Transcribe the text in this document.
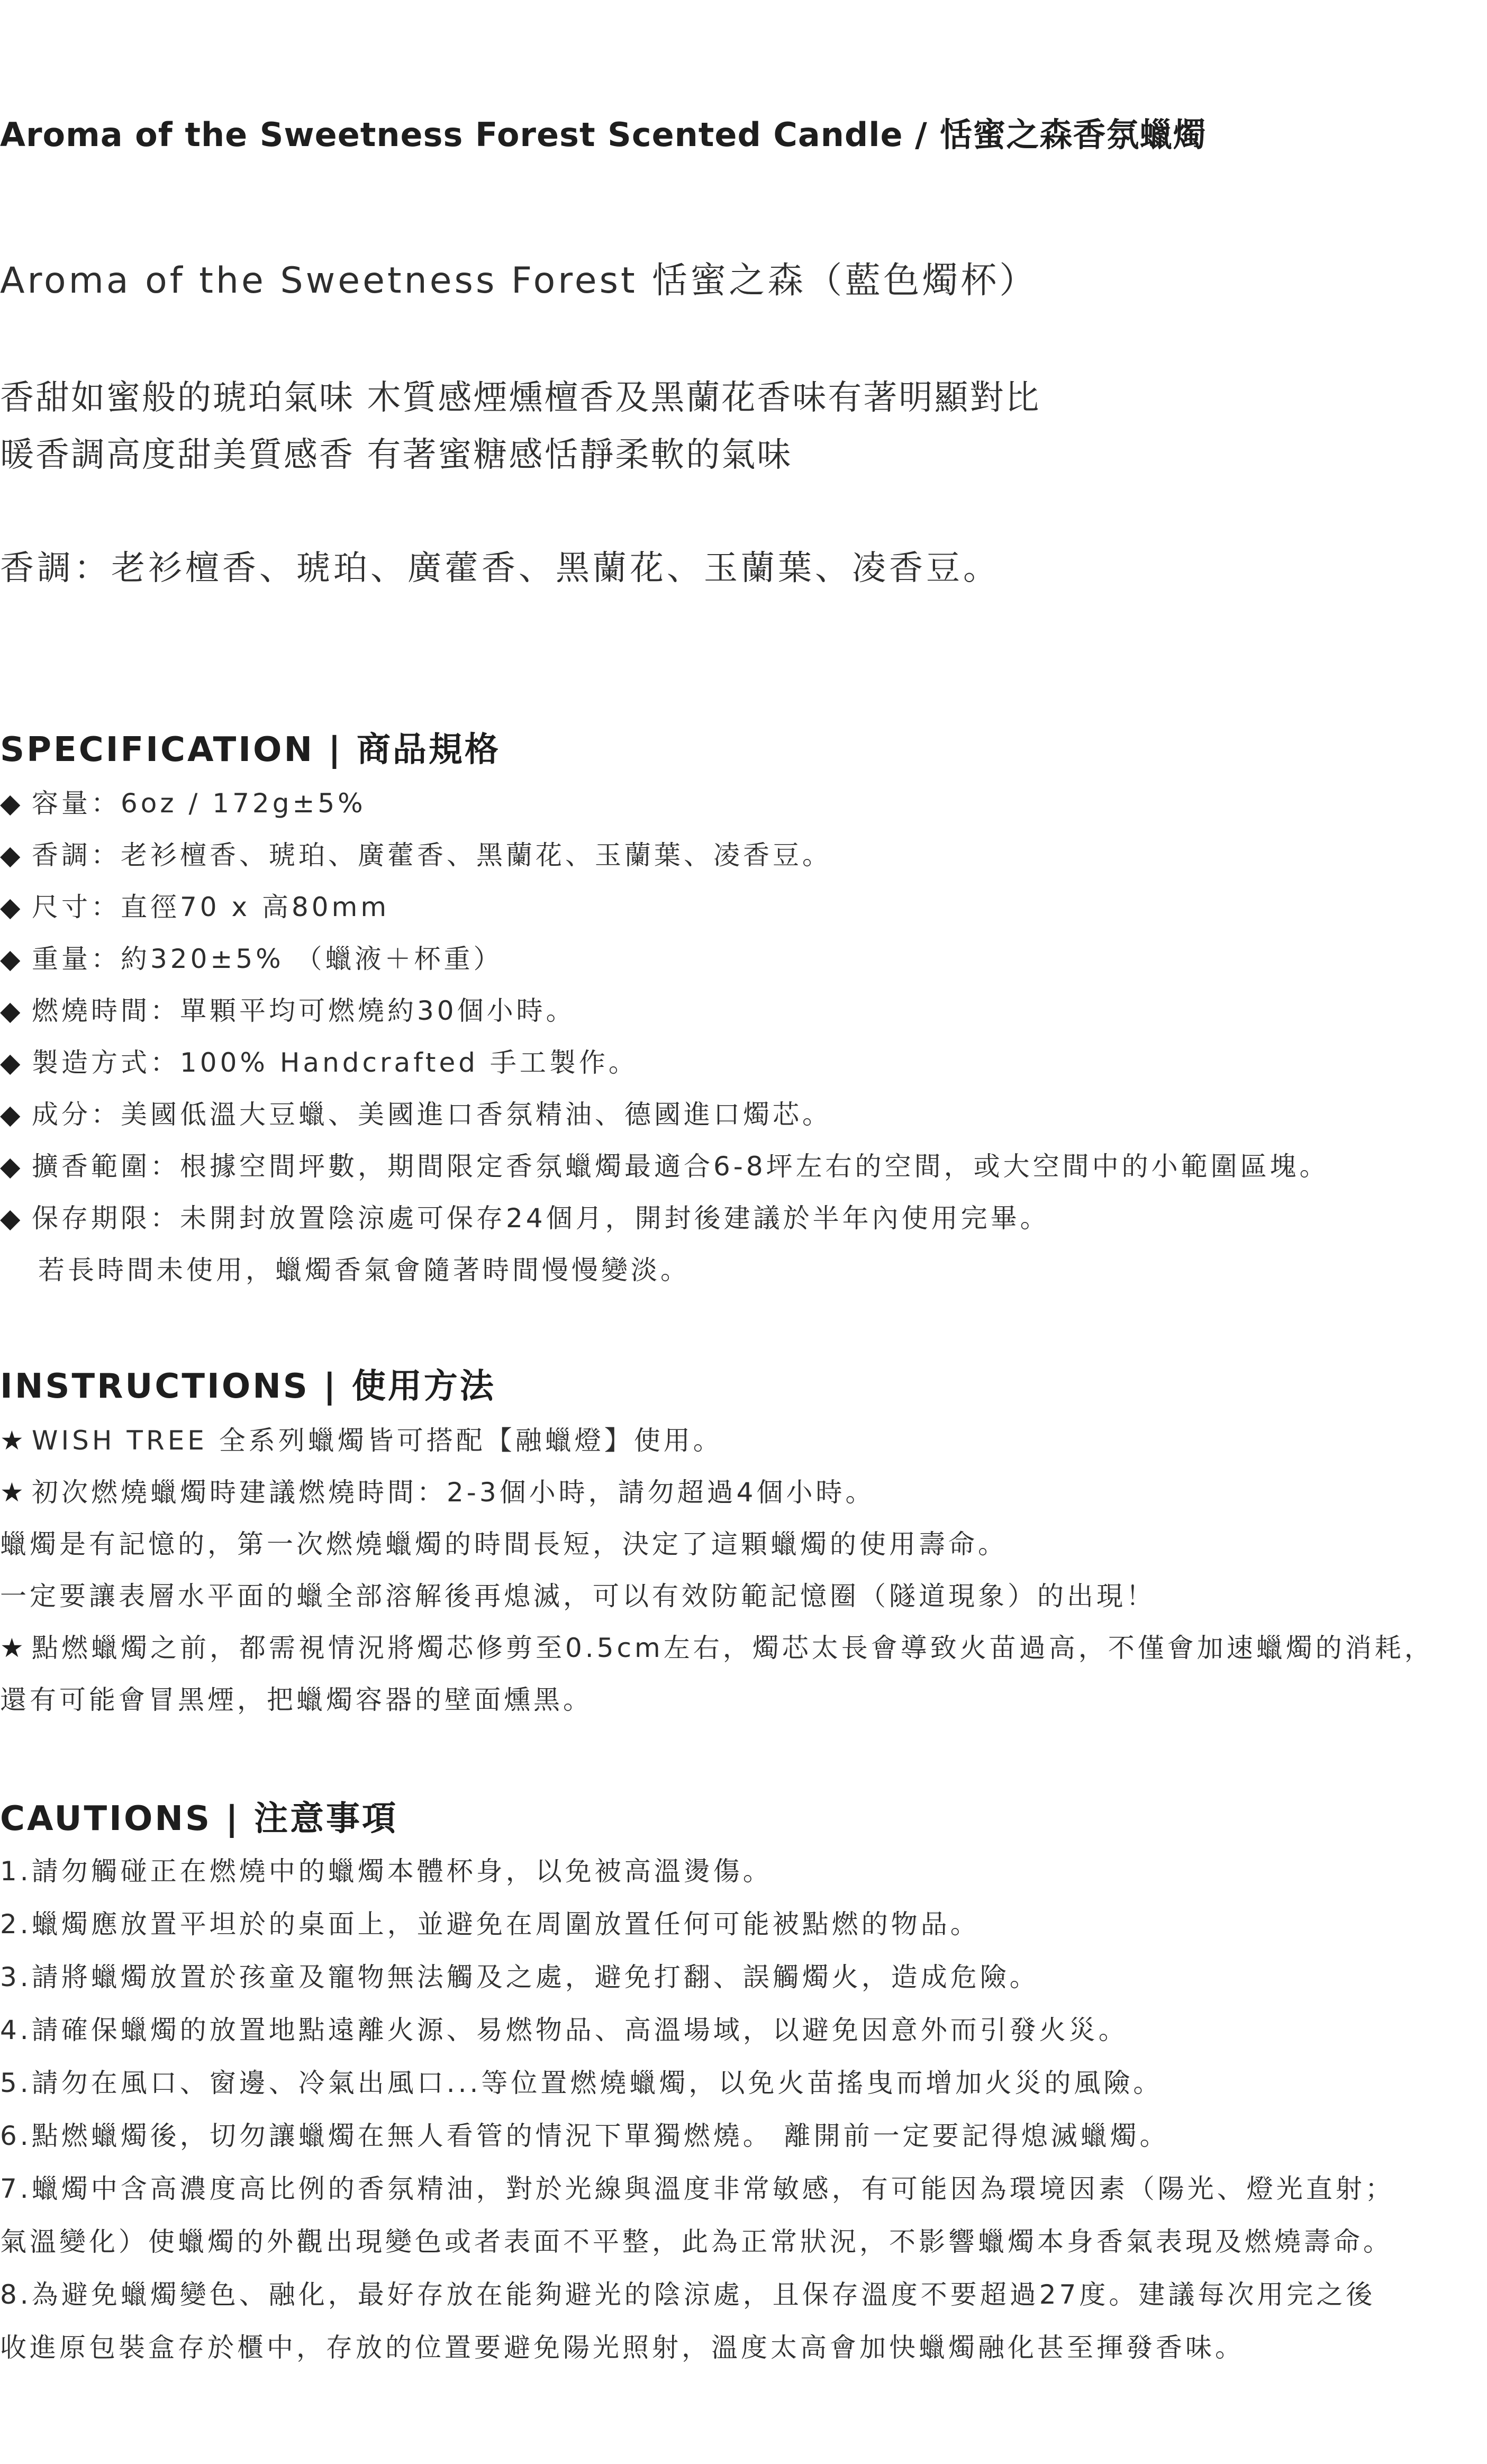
Aroma of the Sweetness Forest Scented Candle / 恬蜜之森香氛蠟燭
Aroma of the Sweetness Forest 恬蜜之森（藍色燭杯）

香甜如蜜般的琥珀氣味 木質感煙燻檀香及黑蘭花香味有著明顯對比

暖香調高度甜美質感香 有著蜜糖感恬靜柔軟的氣味

香調：老衫檀香、琥珀、廣藿香、黑蘭花、玉蘭葉、凌香豆。

SPECIFICATION | 商品規格
◆ 容量：6oz / 172g±5%
◆ 香調：老衫檀香、琥珀、廣藿香、黑蘭花、玉蘭葉、凌香豆。
◆ 尺寸：直徑70 x 高80mm
◆ 重量：約320±5% （蠟液＋杯重）
◆ 燃燒時間：單顆平均可燃燒約30個小時。
◆ 製造方式：100% Handcrafted 手工製作。
◆ 成分：美國低溫大豆蠟、美國進口香氛精油、德國進口燭芯。
◆ 擴香範圍：根據空間坪數，期間限定香氛蠟燭最適合6-8坪左右的空間，或大空間中的小範圍區塊。
◆ 保存期限：未開封放置陰涼處可保存24個月，開封後建議於半年內使用完畢。
若長時間未使用，蠟燭香氣會隨著時間慢慢變淡。
INSTRUCTIONS | 使用方法
★ WISH TREE 全系列蠟燭皆可搭配【融蠟燈】使用。
★ 初次燃燒蠟燭時建議燃燒時間：2-3個小時，請勿超過4個小時。
蠟燭是有記憶的，第一次燃燒蠟燭的時間長短，決定了這顆蠟燭的使用壽命。
一定要讓表層水平面的蠟全部溶解後再熄滅，可以有效防範記憶圈（隧道現象）的出現！
★ 點燃蠟燭之前，都需視情況將燭芯修剪至0.5cm左右，燭芯太長會導致火苗過高，不僅會加速蠟燭的消耗，
還有可能會冒黑煙，把蠟燭容器的壁面燻黑。
CAUTIONS | 注意事項
1.請勿觸碰正在燃燒中的蠟燭本體杯身，以免被高溫燙傷。
2.蠟燭應放置平坦於的桌面上，並避免在周圍放置任何可能被點燃的物品。
3.請將蠟燭放置於孩童及寵物無法觸及之處，避免打翻、誤觸燭火，造成危險。
4.請確保蠟燭的放置地點遠離火源、易燃物品、高溫場域，以避免因意外而引發火災。
5.請勿在風口、窗邊、冷氣出風口...等位置燃燒蠟燭，以免火苗搖曳而增加火災的風險。
6.點燃蠟燭後，切勿讓蠟燭在無人看管的情況下單獨燃燒。 離開前一定要記得熄滅蠟燭。
7.蠟燭中含高濃度高比例的香氛精油，對於光線與溫度非常敏感，有可能因為環境因素（陽光、燈光直射；
氣溫變化）使蠟燭的外觀出現變色或者表面不平整，此為正常狀況，不影響蠟燭本身香氣表現及燃燒壽命。
8.為避免蠟燭變色、融化，最好存放在能夠避光的陰涼處，且保存溫度不要超過27度。建議每次用完之後
收進原包裝盒存於櫃中，存放的位置要避免陽光照射，溫度太高會加快蠟燭融化甚至揮發香味。
